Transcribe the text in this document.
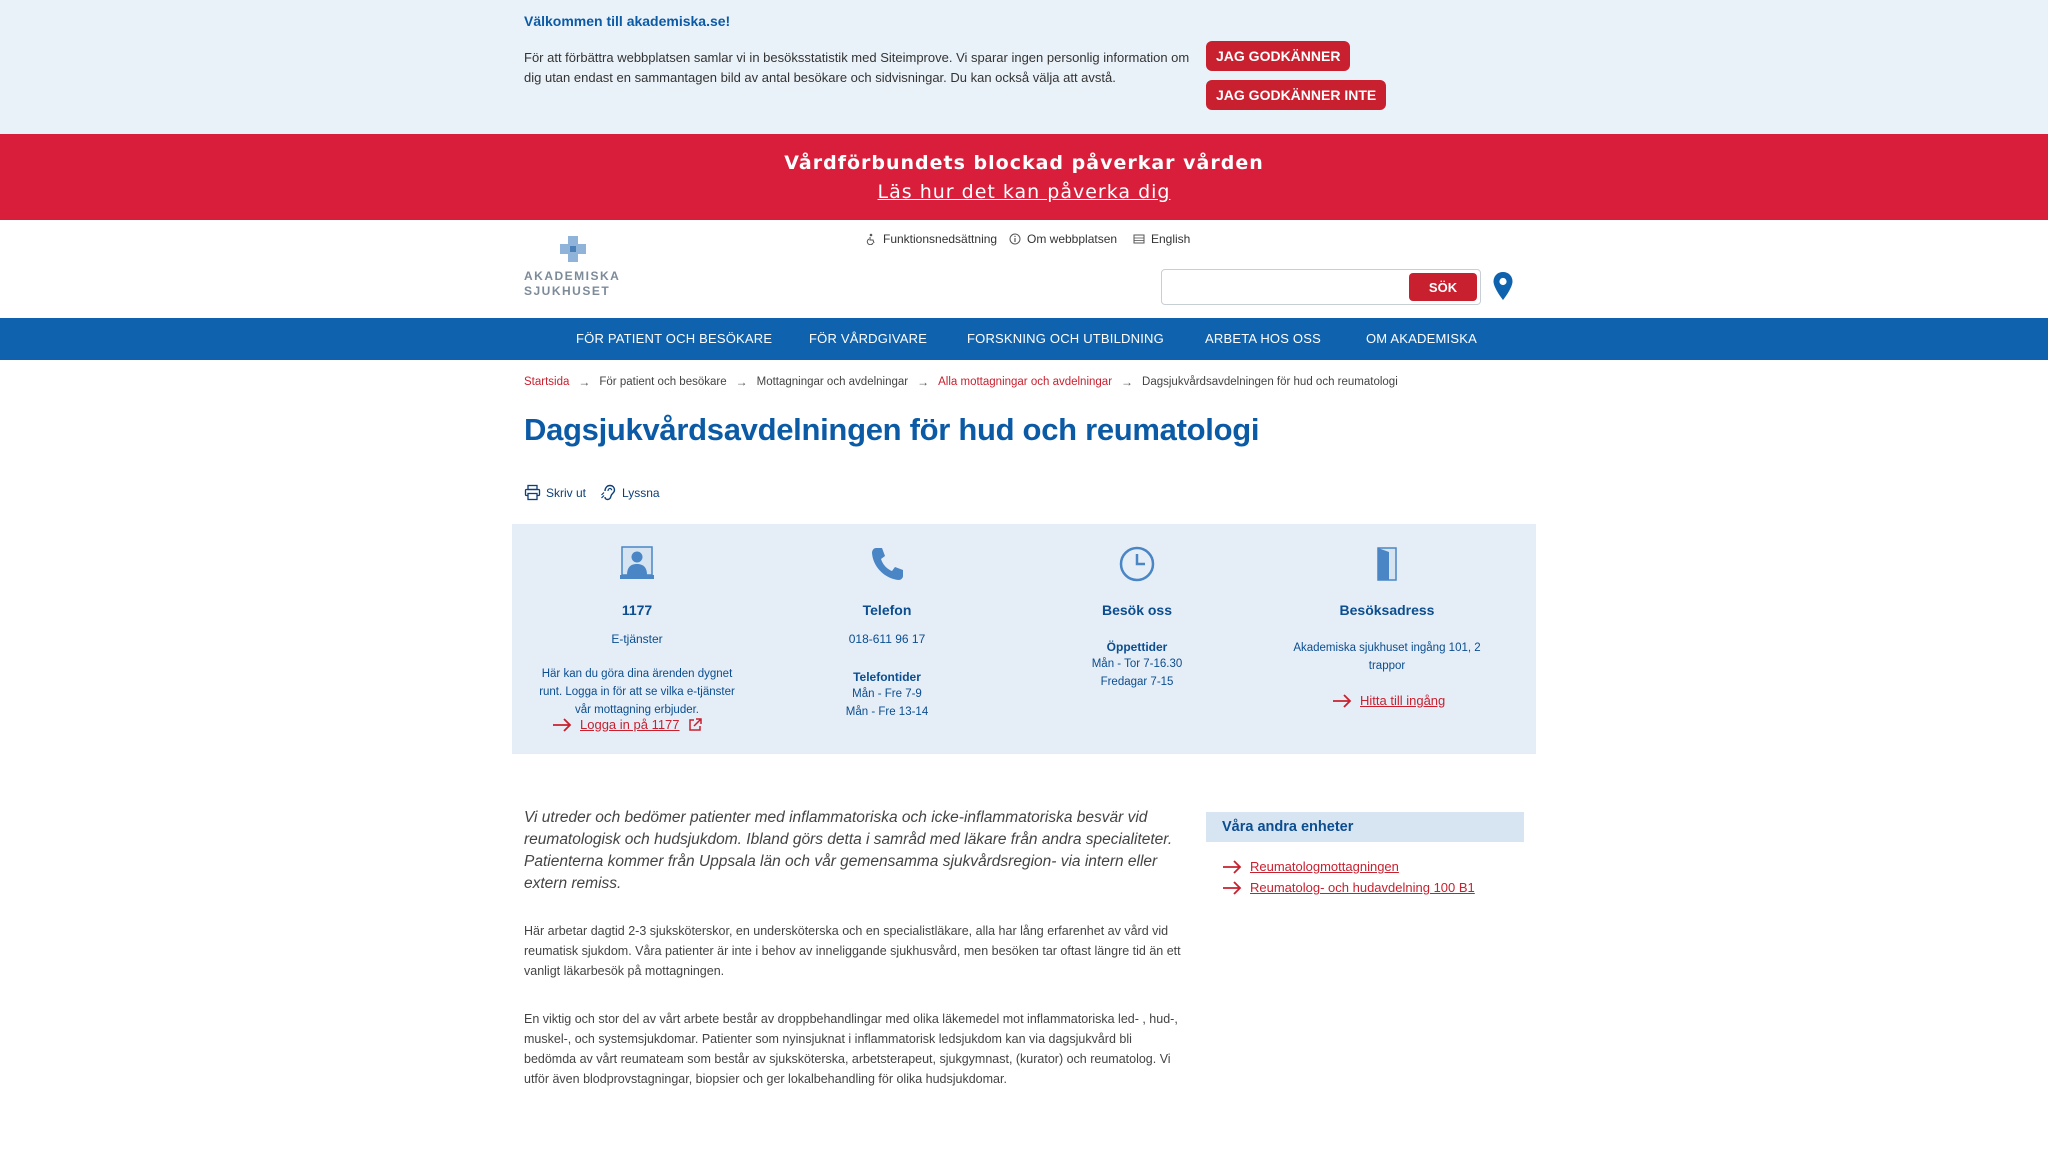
Välkommen till akademiska.se!
För att förbättra webbplatsen samlar vi in besöksstatistik med Siteimprove. Vi sparar ingen personlig information om dig utan endast en sammantagen bild av antal besökare och sidvisningar. Du kan också välja att avstå.
JAG GODKÄNNER
JAG GODKÄNNER INTE
Vårdförbundets blockad påverkar vården
Läs hur det kan påverka dig
AKADEMISKA
SJUKHUSET
Funktionsnedsättning Om webbplatsen	English
SÖK
FÖR PATIENT OCH BESÖKARE	FÖR VÅRDGIVARE	FORSKNING OCH UTBILDNING	ARBETA HOS OSS	OM AKADEMISKA
Startsida → För patient och besökare → Mottagningar och avdelningar → Alla mottagningar och avdelningar → Dagsjukvårdsavdelningen för hud och reumatologi
Dagsjukvårdsavdelningen för hud och reumatologi
Skriv ut	Lyssna
1177
E-tjänster
Här kan du göra dina ärenden dygnet runt. Logga in för att se vilka e-tjänster vår mottagning erbjuder.
Logga in på 1177
Telefon
018-611 96 17
Telefontider
Mån - Fre 7-9
Mån - Fre 13-14
Besök oss
Öppettider
Mån - Tor 7-16.30
Fredagar 7-15
Besöksadress
Akademiska sjukhuset ingång 101, 2 trappor
Hitta till ingång

Vi utreder och bedömer patienter med inflammatoriska och icke-inflammatoriska besvär vid reumatologisk och hudsjukdom. Ibland görs detta i samråd med läkare från andra specialiteter. Patienterna kommer från Uppsala län och vår gemensamma sjukvårdsregion- via intern eller extern remiss.

Här arbetar dagtid 2-3 sjuksköterskor, en undersköterska och en specialistläkare, alla har lång erfarenhet av vård vid reumatisk sjukdom. Våra patienter är inte i behov av inneliggande sjukhusvård, men besöken tar oftast längre tid än ett vanligt läkarbesök på mottagningen.

En viktig och stor del av vårt arbete består av droppbehandlingar med olika läkemedel mot inflammatoriska led- , hud-, muskel-, och systemsjukdomar. Patienter som nyinsjuknat i inflammatorisk ledsjukdom kan via dagsjukvård bli bedömda av vårt reumateam som består av sjuksköterska, arbetsterapeut, sjukgymnast, (kurator) och reumatolog. Vi utför även blodprovstagningar, biopsier och ger lokalbehandling för olika hudsjukdomar.

Våra andra enheter
Reumatologmottagningen
Reumatolog- och hudavdelning 100 B1
